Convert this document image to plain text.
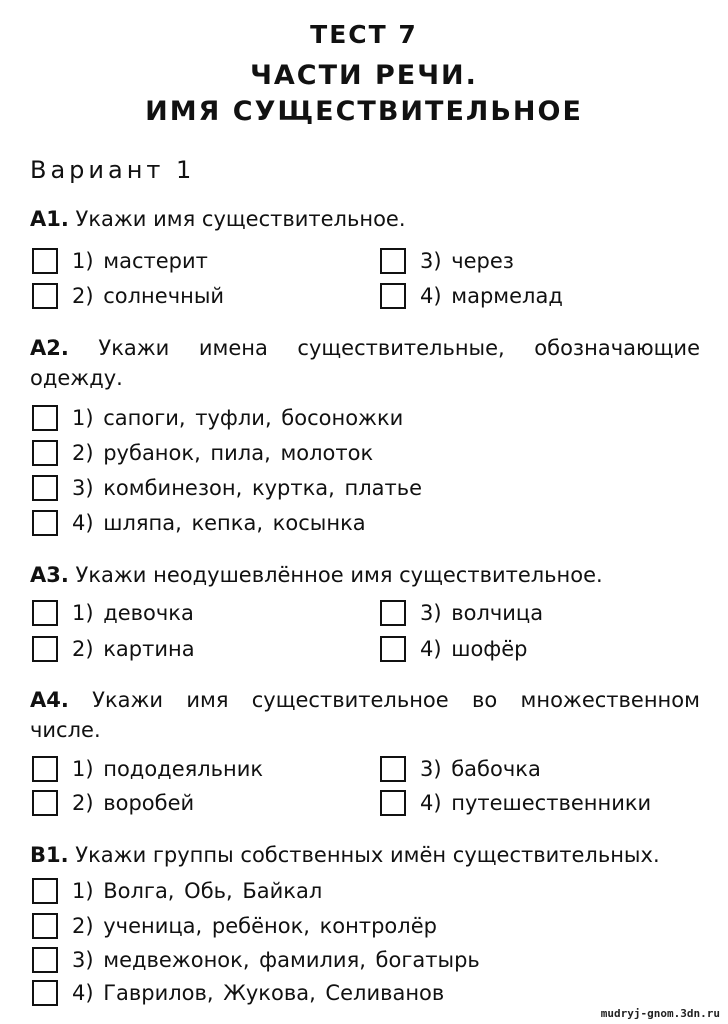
ТЕСТ 7
ЧАСТИ РЕЧИ.
ИМЯ СУЩЕСТВИТЕЛЬНОЕ
Вариант 1
А1. Укажи имя существительное.
1) мастерит
2) солнечный
3) через
4) мармелад
А2. Укажи имена существительные, обозначающие одежду.
1) сапоги, туфли, босоножки
2) рубанок, пила, молоток
3) комбинезон, куртка, платье
4) шляпа, кепка, косынка
А3. Укажи неодушевлённое имя существительное.
1) девочка
2) картина
3) волчица
4) шофёр
А4. Укажи имя существительное во множественном числе.
1) пододеяльник
2) воробей
3) бабочка
4) путешественники
В1. Укажи группы собственных имён существительных.
1) Волга, Обь, Байкал
2) ученица, ребёнок, контролёр
3) медвежонок, фамилия, богатырь
4) Гаврилов, Жукова, Селиванов
mudryj-gnom.3dn.ru
